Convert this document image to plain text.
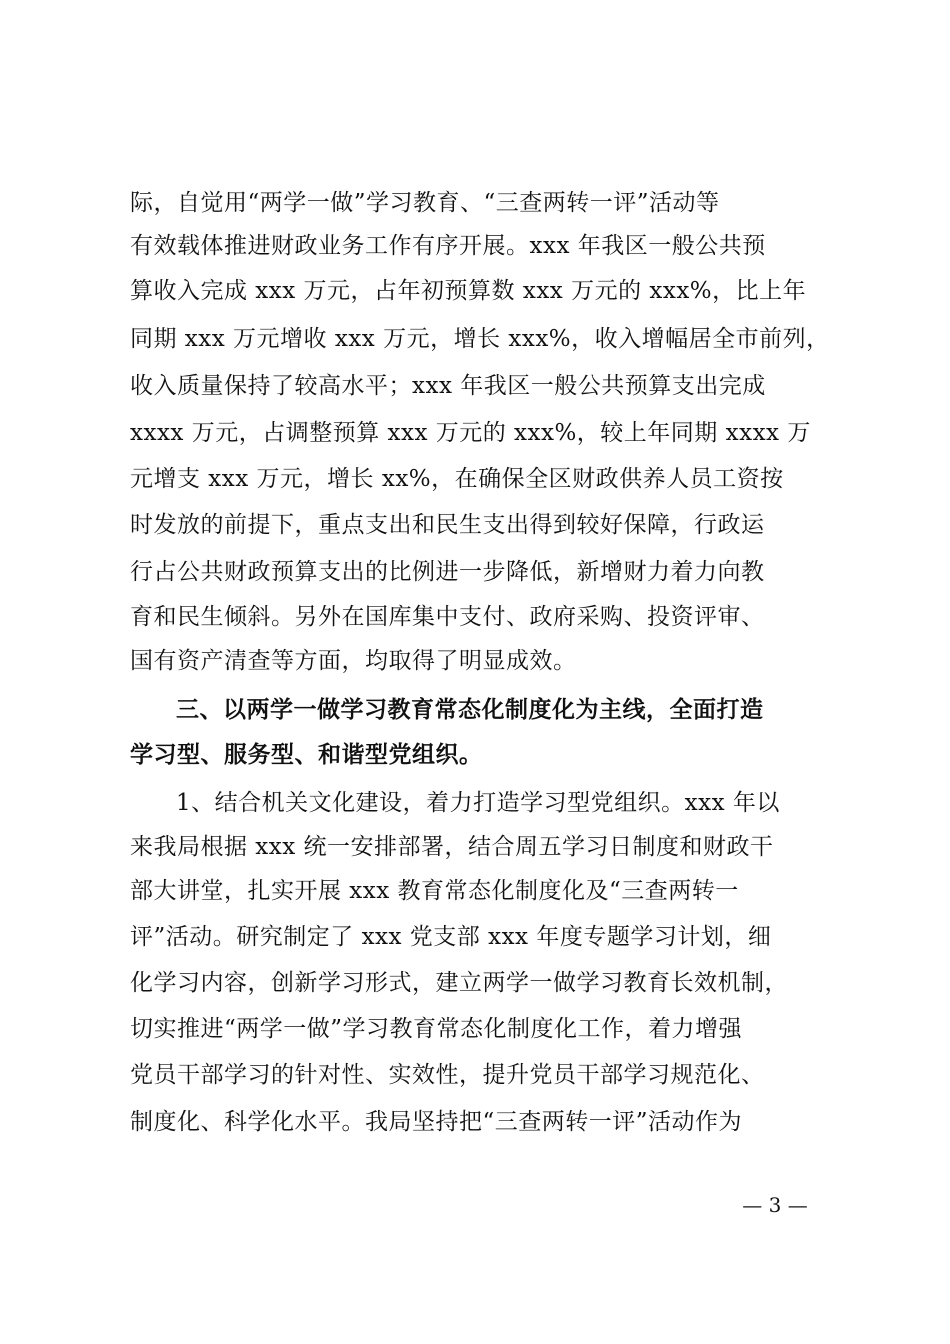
际，自觉用“两学一做”学习教育、“三查两转一评”活动等
有效载体推进财政业务工作有序开展。xxx 年我区一般公共预
算收入完成 xxx 万元，占年初预算数 xxx 万元的 xxx%，比上年
同期 xxx 万元增收 xxx 万元，增长 xxx%，收入增幅居全市前列，
收入质量保持了较高水平；xxx 年我区一般公共预算支出完成
xxxx 万元，占调整预算 xxx 万元的 xxx%，较上年同期 xxxx 万
元增支 xxx 万元，增长 xx%，在确保全区财政供养人员工资按
时发放的前提下，重点支出和民生支出得到较好保障，行政运
行占公共财政预算支出的比例进一步降低，新增财力着力向教
育和民生倾斜。另外在国库集中支付、政府采购、投资评审、
国有资产清查等方面，均取得了明显成效。
三、以两学一做学习教育常态化制度化为主线，全面打造
学习型、服务型、和谐型党组织。
1、结合机关文化建设，着力打造学习型党组织。xxx 年以
来我局根据 xxx 统一安排部署，结合周五学习日制度和财政干
部大讲堂，扎实开展 xxx 教育常态化制度化及“三查两转一
评”活动。研究制定了 xxx 党支部 xxx 年度专题学习计划，细
化学习内容，创新学习形式，建立两学一做学习教育长效机制，
切实推进“两学一做”学习教育常态化制度化工作，着力增强
党员干部学习的针对性、实效性，提升党员干部学习规范化、
制度化、科学化水平。我局坚持把“三查两转一评”活动作为
— 3 —
